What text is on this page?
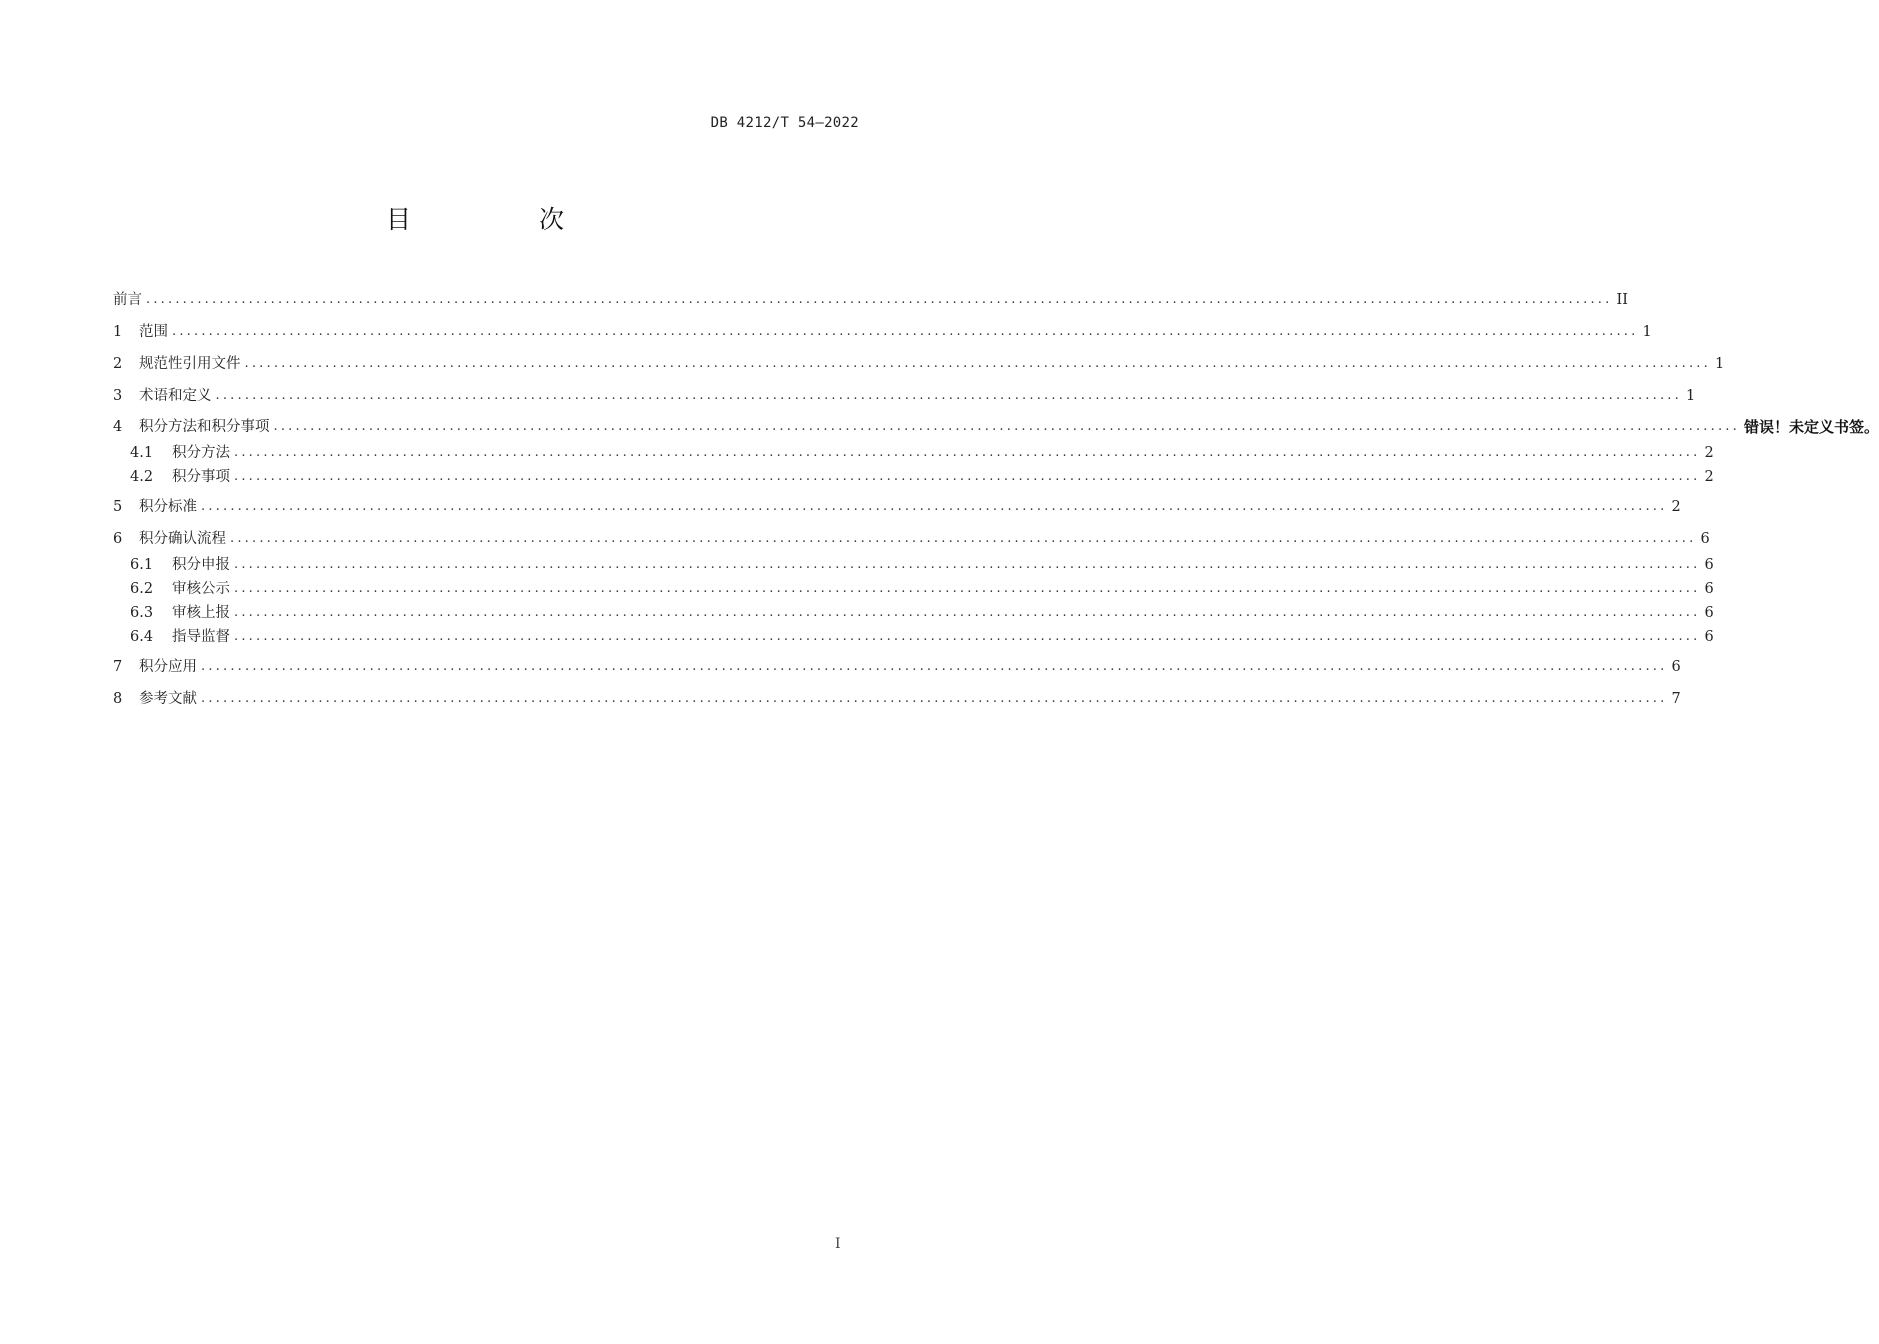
DB 4212/T 54—2022
目 次
前言 ........................................................................................................................................................................................................ II
1	范围 ........................................................................................................................................................................................................ 1
2	规范性引用文件 ........................................................................................................................................................................................................ 1
3	术语和定义 ........................................................................................................................................................................................................ 1
4	积分方法和积分事项 ........................................................................................................................................................................................................ 错误！未定义书签。
4.1	积分方法 ........................................................................................................................................................................................................ 2
4.2	积分事项 ........................................................................................................................................................................................................ 2
5	积分标准 ........................................................................................................................................................................................................ 2
6	积分确认流程 ........................................................................................................................................................................................................ 6
6.1	积分申报 ........................................................................................................................................................................................................ 6
6.2	审核公示 ........................................................................................................................................................................................................ 6
6.3	审核上报 ........................................................................................................................................................................................................ 6
6.4	指导监督 ........................................................................................................................................................................................................ 6
7	积分应用 ........................................................................................................................................................................................................ 6
8	参考文献 ........................................................................................................................................................................................................ 7
I
